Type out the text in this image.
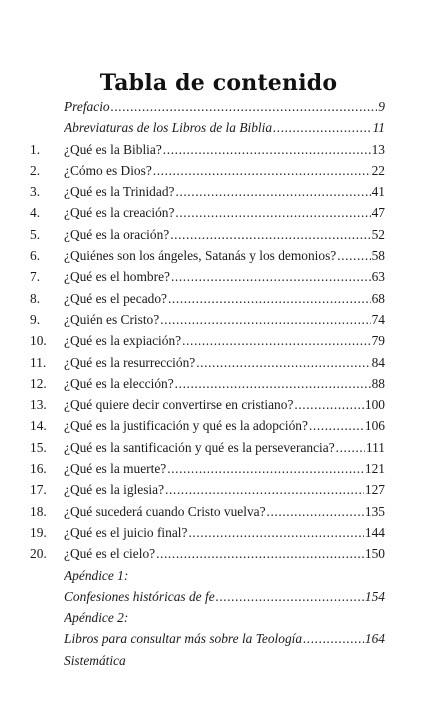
Tabla de contenido
Prefacio .....	9
Abreviaturas de los Libros de la Biblia .....	11
1.	¿Qué es la Biblia? .....	13
2.	¿Cómo es Dios? .....	22
3.	¿Qué es la Trinidad? .....	41
4.	¿Qué es la creación? .....	47
5.	¿Qué es la oración? .....	52
6.	¿Quiénes son los ángeles, Satanás y los demonios? .....	58
7.	¿Qué es el hombre? .....	63
8.	¿Qué es el pecado? .....	68
9.	¿Quién es Cristo? .....	74
10.	¿Qué es la expiación? .....	79
11.	¿Qué es la resurrección? .....	84
12.	¿Qué es la elección? .....	88
13.	¿Qué quiere decir convertirse en cristiano? .....	100
14.	¿Qué es la justificación y qué es la adopción? .....	106
15.	¿Qué es la santificación y qué es la perseverancia? ..... 111
16.	¿Qué es la muerte? .....	121
17.	¿Qué es la iglesia? .....	127
18.	¿Qué sucederá cuando Cristo vuelva? .....	135
19.	¿Qué es el juicio final? .....	144
20.	¿Qué es el cielo? .....	150
Apéndice 1:
Confesiones históricas de fe .....	154
Apéndice 2:
Libros para consultar más sobre la Teología .....	164
Sistemática
